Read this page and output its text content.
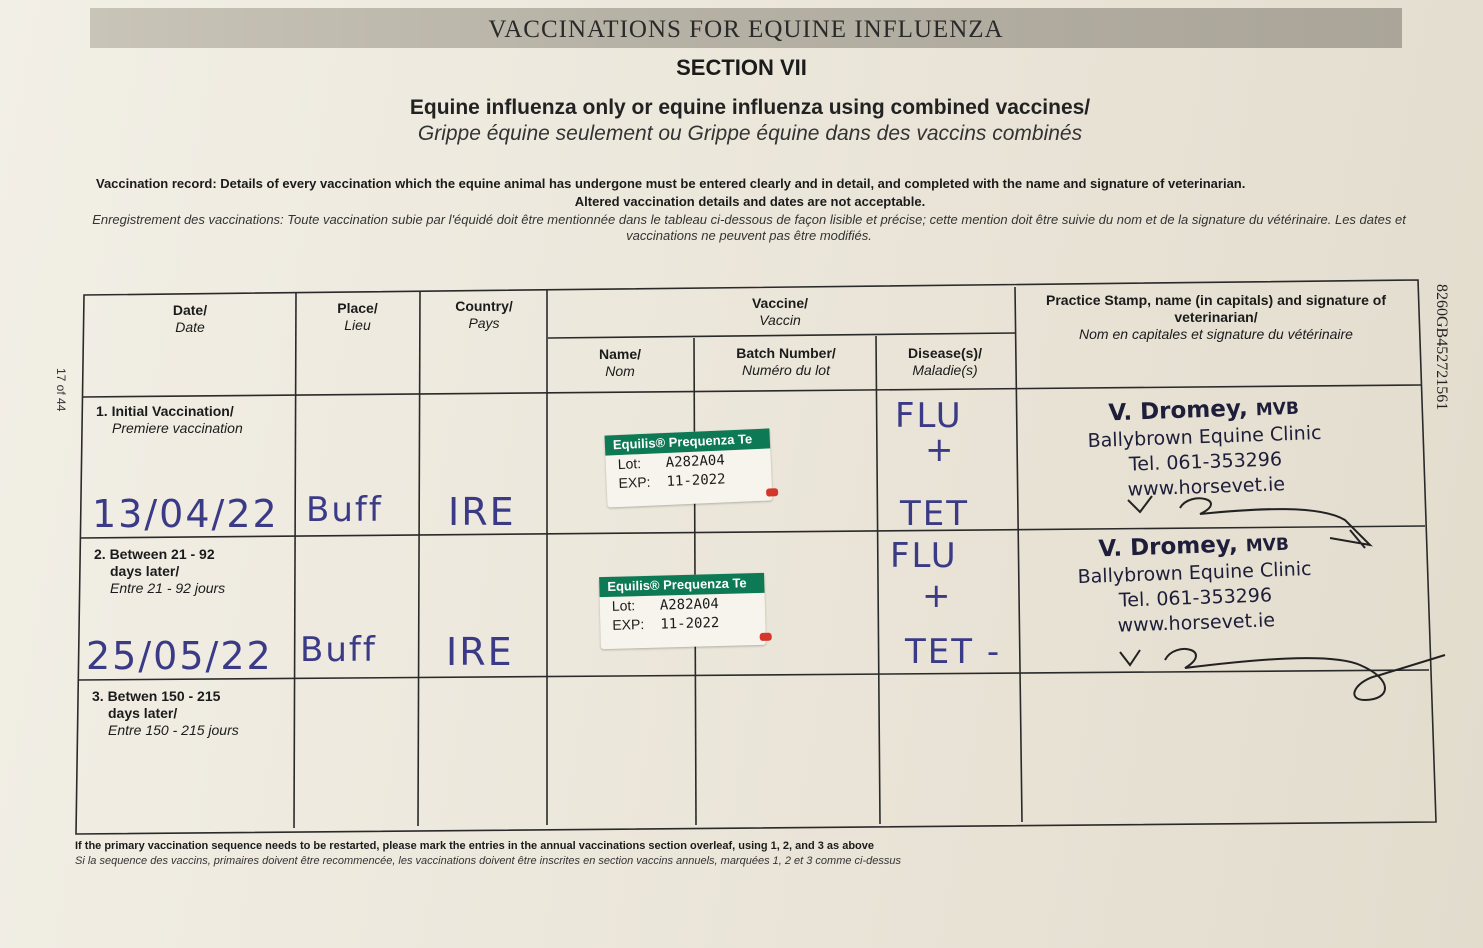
VACCINATIONS FOR EQUINE INFLUENZA
SECTION VII
Equine influenza only or equine influenza using combined vaccines/
Grippe équine seulement ou Grippe équine dans des vaccins combinés
Vaccination record: Details of every vaccination which the equine animal has undergone must be entered clearly and in detail, and completed with the name and signature of veterinarian.
Altered vaccination details and dates are not acceptable.
Enregistrement des vaccinations: Toute vaccination subie par l'équidé doit être mentionnée dans le tableau ci-dessous de façon lisible et précise; cette mention doit être suivie du nom et de la signature du vétérinaire. Les dates et vaccinations ne peuvent pas être modifiés.
17 of 44	8260GB452721561
Date/
Date
Place/
Lieu
Country/
Pays
Vaccine/
Vaccin
Name/
Nom
Batch Number/
Numéro du lot
Disease(s)/
Maladie(s)
Practice Stamp, name (in capitals) and signature of veterinarian/
Nom en capitales et signature du vétérinaire
1. Initial Vaccination/
Premiere vaccination
2. Between 21 - 92
days later/
Entre 21 - 92 jours
3. Betwen 150 - 215
days later/
Entre 150 - 215 jours
13/04/22 Buff IRE
FLU
+
TET
25/05/22 Buff IRE
FLU
+
TET -
Equilis® Prequenza Te
Lot: A282A04
EXP: 11-2022
Equilis® Prequenza Te
Lot: A282A04
EXP: 11-2022
V. Dromey, MVB
Ballybrown Equine Clinic
Tel. 061-353296
www.horsevet.ie
V. Dromey, MVB
Ballybrown Equine Clinic
Tel. 061-353296
www.horsevet.ie
If the primary vaccination sequence needs to be restarted, please mark the entries in the annual vaccinations section overleaf, using 1, 2, and 3 as above
Si la sequence des vaccins, primaires doivent être recommencée, les vaccinations doivent être inscrites en section vaccins annuels, marquées 1, 2 et 3 comme ci-dessus
